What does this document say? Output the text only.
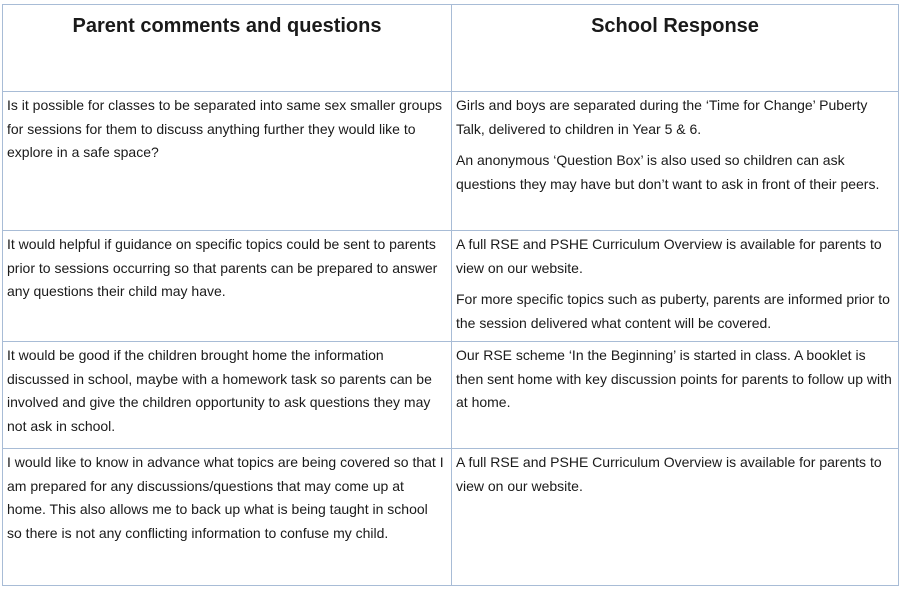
Parent comments and questions	School Response

Is it possible for classes to be separated into same sex smaller groups for sessions for them to discuss anything further they would like to explore in a safe space?	Girls and boys are separated during the ‘Time for Change’ Puberty Talk, delivered to children in Year 5 & 6.

An anonymous ‘Question Box’ is also used so children can ask questions they may have but don’t want to ask in front of their peers.

It would helpful if guidance on specific topics could be sent to parents prior to sessions occurring so that parents can be prepared to answer any questions their child may have.	A full RSE and PSHE Curriculum Overview is available for parents to view on our website.

For more specific topics such as puberty, parents are informed prior to the session delivered what content will be covered.

It would be good if the children brought home the information discussed in school, maybe with a homework task so parents can be involved and give the children opportunity to ask questions they may not ask in school.	Our RSE scheme ‘In the Beginning’ is started in class. A booklet is then sent home with key discussion points for parents to follow up with at home.

I would like to know in advance what topics are being covered so that I am prepared for any discussions/questions that may come up at home. This also allows me to back up what is being taught in school so there is not any conflicting information to confuse my child.	A full RSE and PSHE Curriculum Overview is available for parents to view on our website.
